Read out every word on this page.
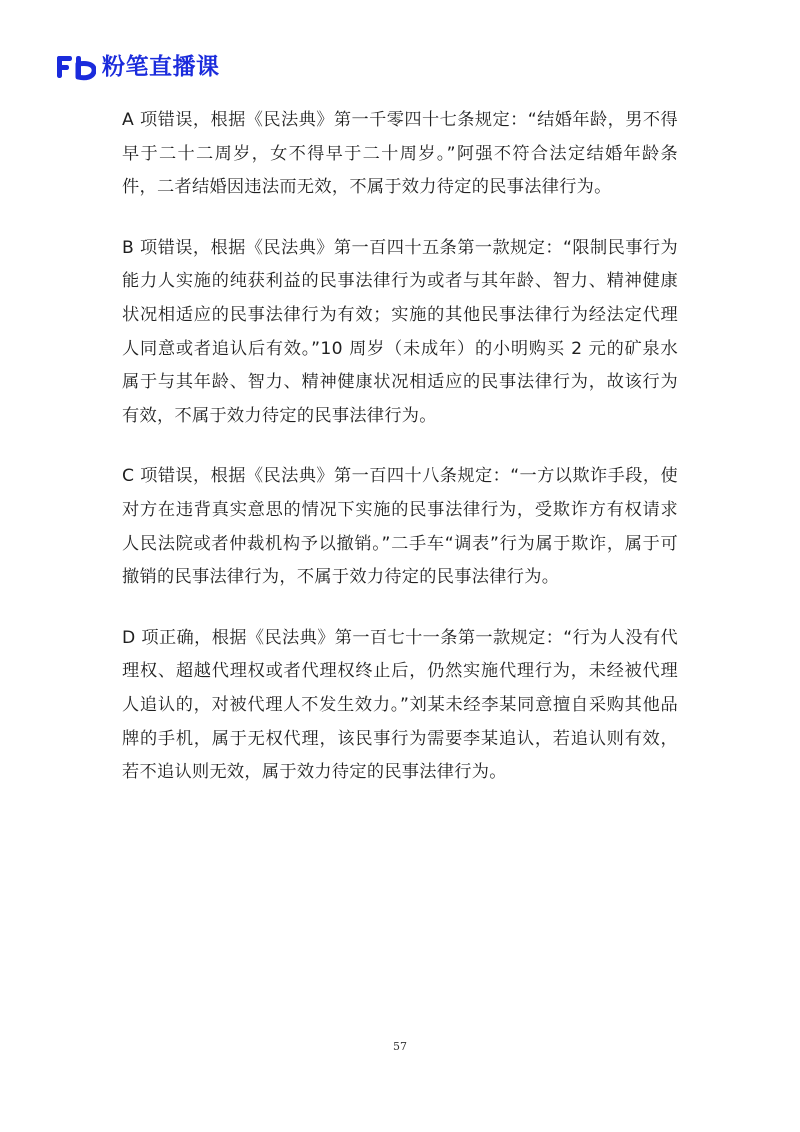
粉笔直播课

A 项错误，根据《民法典》第一千零四十七条规定：“结婚年龄，男不得早于二十二周岁，女不得早于二十周岁。”阿强不符合法定结婚年龄条件，二者结婚因违法而无效，不属于效力待定的民事法律行为。

B 项错误，根据《民法典》第一百四十五条第一款规定：“限制民事行为能力人实施的纯获利益的民事法律行为或者与其年龄、智力、精神健康状况相适应的民事法律行为有效；实施的其他民事法律行为经法定代理人同意或者追认后有效。”10 周岁（未成年）的小明购买 2 元的矿泉水属于与其年龄、智力、精神健康状况相适应的民事法律行为，故该行为有效，不属于效力待定的民事法律行为。

C 项错误，根据《民法典》第一百四十八条规定：“一方以欺诈手段，使对方在违背真实意思的情况下实施的民事法律行为，受欺诈方有权请求人民法院或者仲裁机构予以撤销。”二手车“调表”行为属于欺诈，属于可撤销的民事法律行为，不属于效力待定的民事法律行为。

D 项正确，根据《民法典》第一百七十一条第一款规定：“行为人没有代理权、超越代理权或者代理权终止后，仍然实施代理行为，未经被代理人追认的，对被代理人不发生效力。”刘某未经李某同意擅自采购其他品牌的手机，属于无权代理，该民事行为需要李某追认，若追认则有效，若不追认则无效，属于效力待定的民事法律行为。

57
